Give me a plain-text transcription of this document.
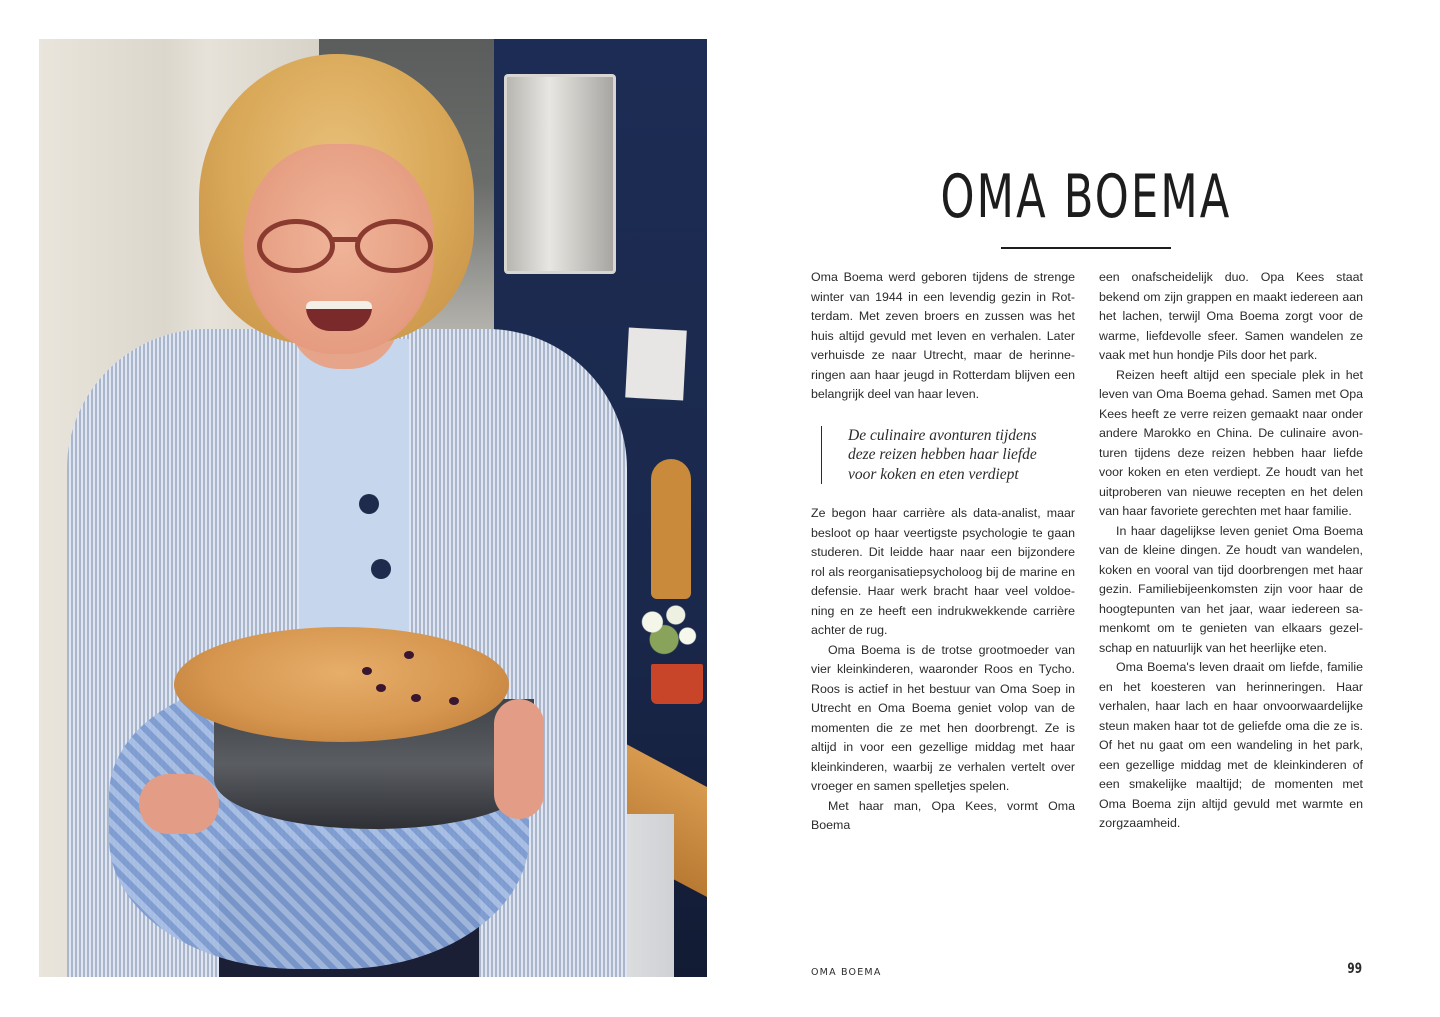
OMA BOEMA

Oma Boema werd geboren tijdens de strenge winter van 1944 in een levendig gezin in Rotterdam. Met zeven broers en zussen was het huis altijd gevuld met leven en verhalen. Later verhuisde ze naar Utrecht, maar de herinneringen aan haar jeugd in Rotterdam blijven een belangrijk deel van haar leven.

De culinaire avonturen tijdens deze reizen hebben haar liefde voor koken en eten verdiept

Ze begon haar carrière als data-analist, maar besloot op haar veertigste psychologie te gaan studeren. Dit leidde haar naar een bijzondere rol als reorganisatiepsycholoog bij de marine en defensie. Haar werk bracht haar veel voldoening en ze heeft een indrukwekkende carrière achter de rug.

Oma Boema is de trotse grootmoeder van vier kleinkinderen, waaronder Roos en Tycho. Roos is actief in het bestuur van Oma Soep in Utrecht en Oma Boema geniet volop van de momenten die ze met hen doorbrengt. Ze is altijd in voor een gezellige middag met haar kleinkinderen, waarbij ze verhalen vertelt over vroeger en samen spelletjes spelen.

Met haar man, Opa Kees, vormt Oma Boema

een onafscheidelijk duo. Opa Kees staat bekend om zijn grappen en maakt iedereen aan het lachen, terwijl Oma Boema zorgt voor de warme, liefdevolle sfeer. Samen wandelen ze vaak met hun hondje Pils door het park.

Reizen heeft altijd een speciale plek in het leven van Oma Boema gehad. Samen met Opa Kees heeft ze verre reizen gemaakt naar onder andere Marokko en China. De culinaire avonturen tijdens deze reizen hebben haar liefde voor koken en eten verdiept. Ze houdt van het uitproberen van nieuwe recepten en het delen van haar favoriete gerechten met haar familie.

In haar dagelijkse leven geniet Oma Boema van de kleine dingen. Ze houdt van wandelen, koken en vooral van tijd doorbrengen met haar gezin. Familiebijeenkomsten zijn voor haar de hoogtepunten van het jaar, waar iedereen samenkomt om te genieten van elkaars gezelschap en natuurlijk van het heerlijke eten.

Oma Boema's leven draait om liefde, familie en het koesteren van herinneringen. Haar verhalen, haar lach en haar onvoorwaardelijke steun maken haar tot de geliefde oma die ze is. Of het nu gaat om een wandeling in het park, een gezellige middag met de kleinkinderen of een smakelijke maaltijd; de momenten met Oma Boema zijn altijd gevuld met warmte en zorgzaamheid.

OMA BOEMA	99
